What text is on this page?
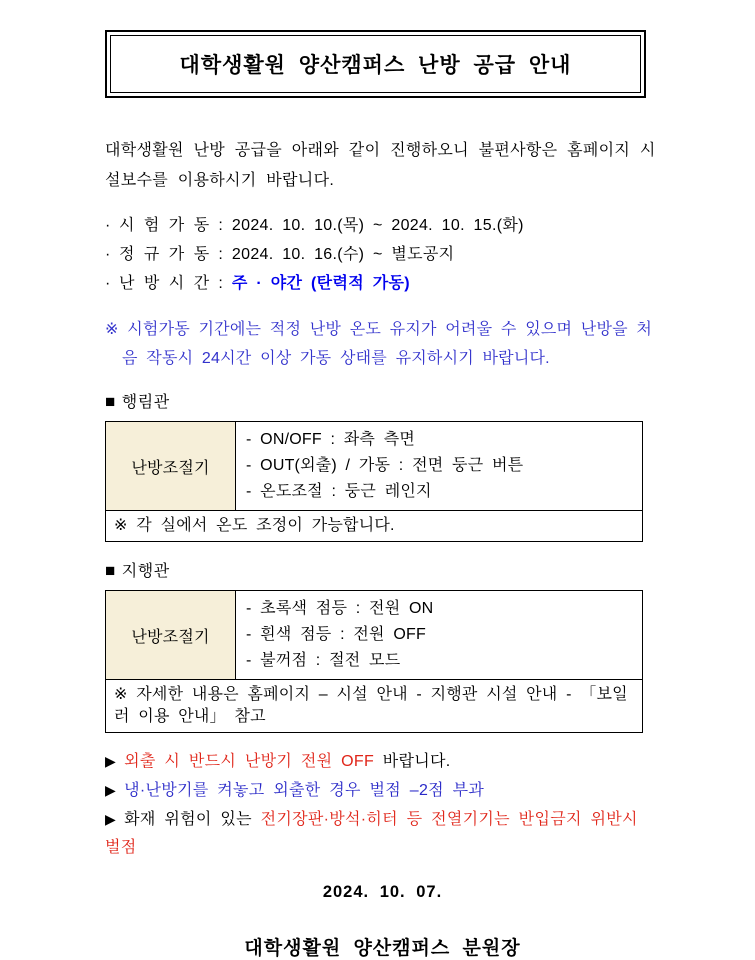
대학생활원 양산캠퍼스 난방 공급 안내

대학생활원 난방 공급을 아래와 같이 진행하오니 불편사항은 홈페이지 시설보수를 이용하시기 바랍니다.

· 시 험 가 동 : 2024. 10. 10.(목) ~ 2024. 10. 15.(화)
· 정 규 가 동 : 2024. 10. 16.(수) ~ 별도공지
· 난 방 시 간 : 주 · 야간 (탄력적 가동)

※ 시험가동 기간에는 적정 난방 온도 유지가 어려울 수 있으며 난방을 처음 작동시 24시간 이상 가동 상태를 유지하시기 바랍니다.

■ 행림관
난방조절기	
- ON/OFF : 좌측 측면
- OUT(외출) / 가동 : 전면 둥근 버튼
- 온도조절 : 둥근 레인지

※ 각 실에서 온도 조정이 가능합니다.
■ 지행관
난방조절기	
- 초록색 점등 : 전원 ON
- 흰색 점등 : 전원 OFF
- 불꺼점 : 절전 모드

※ 자세한 내용은 홈페이지 – 시설 안내 - 지행관 시설 안내 - 「보일러 이용 안내」 참고
▶ 외출 시 반드시 난방기 전원 OFF 바랍니다.
▶ 냉·난방기를 켜놓고 외출한 경우 벌점 –2점 부과
▶ 화재 위험이 있는 전기장판·방석·히터 등 전열기기는 반입금지 위반시 벌점

2024. 10. 07.

대학생활원 양산캠퍼스 분원장
